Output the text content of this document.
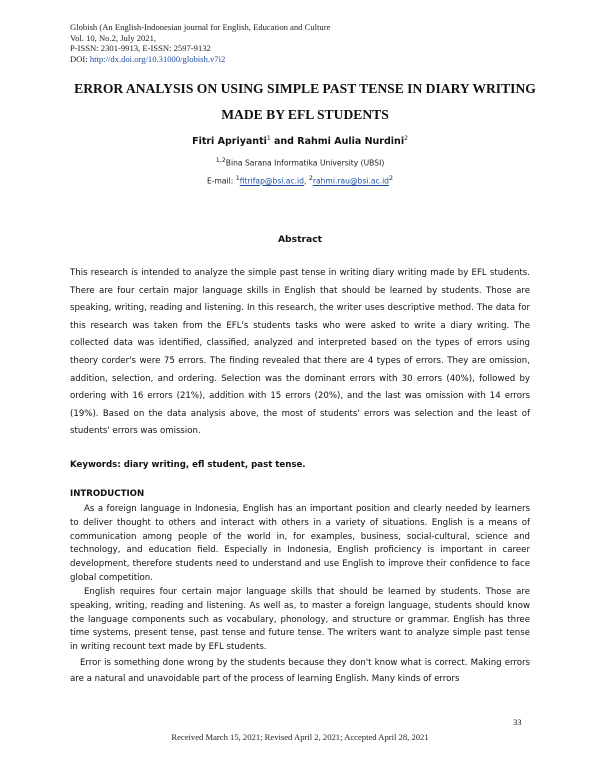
Globish (An English-Indonesian journal for English, Education and Culture
Vol. 10, No.2, July 2021,
P-ISSN: 2301-9913, E-ISSN: 2597-9132
DOI: http://dx.doi.org/10.31000/globish.v7i2
ERROR ANALYSIS ON USING SIMPLE PAST TENSE IN DIARY WRITING
MADE BY EFL STUDENTS
Fitri Apriyanti$^1$ and Rahmi Aulia Nurdini$^2$
$^{1,2}$Bina Sarana Informatika University (UBSI)
E-mail: $^1$fitrifap@bsi.ac.id, $^2rahmi.rau@bsi.ac.id^2$
Abstract
This research is intended to analyze the simple past tense in writing diary writing made by EFL students. There are four certain major language skills in English that should be learned by students. Those are speaking, writing, reading and listening. In this research, the writer uses descriptive method. The data for this research was taken from the EFL's students tasks who were asked to write a diary writing. The collected data was identified, classified, analyzed and interpreted based on the types of errors using theory corder's were 75 errors. The finding revealed that there are 4 types of errors. They are omission, addition, selection, and ordering. Selection was the dominant errors with 30 errors (40%), followed by ordering with 16 errors (21%), addition with 15 errors (20%), and the last was omission with 14 errors (19%). Based on the data analysis above, the most of students' errors was selection and the least of students' errors was omission.
Keywords: diary writing, efl student, past tense.
INTRODUCTION
As a foreign language in Indonesia, English has an important position and clearly needed by learners to deliver thought to others and interact with others in a variety of situations. English is a means of communication among people of the world in, for examples, business, social-cultural, science and technology, and education field. Especially in Indonesia, English proficiency is important in career development, therefore students need to understand and use English to improve their confidence to face global competition.
English requires four certain major language skills that should be learned by students. Those are speaking, writing, reading and listening. As well as, to master a foreign language, students should know the language components such as vocabulary, phonology, and structure or grammar. English has three time systems, present tense, past tense and future tense. The writers want to analyze simple past tense in writing recount text made by EFL students.
Error is something done wrong by the students because they don't know what is correct. Making errors are a natural and unavoidable part of the process of learning English. Many kinds of errors
33
Received March 15, 2021; Revised April 2, 2021; Accepted April 28, 2021
